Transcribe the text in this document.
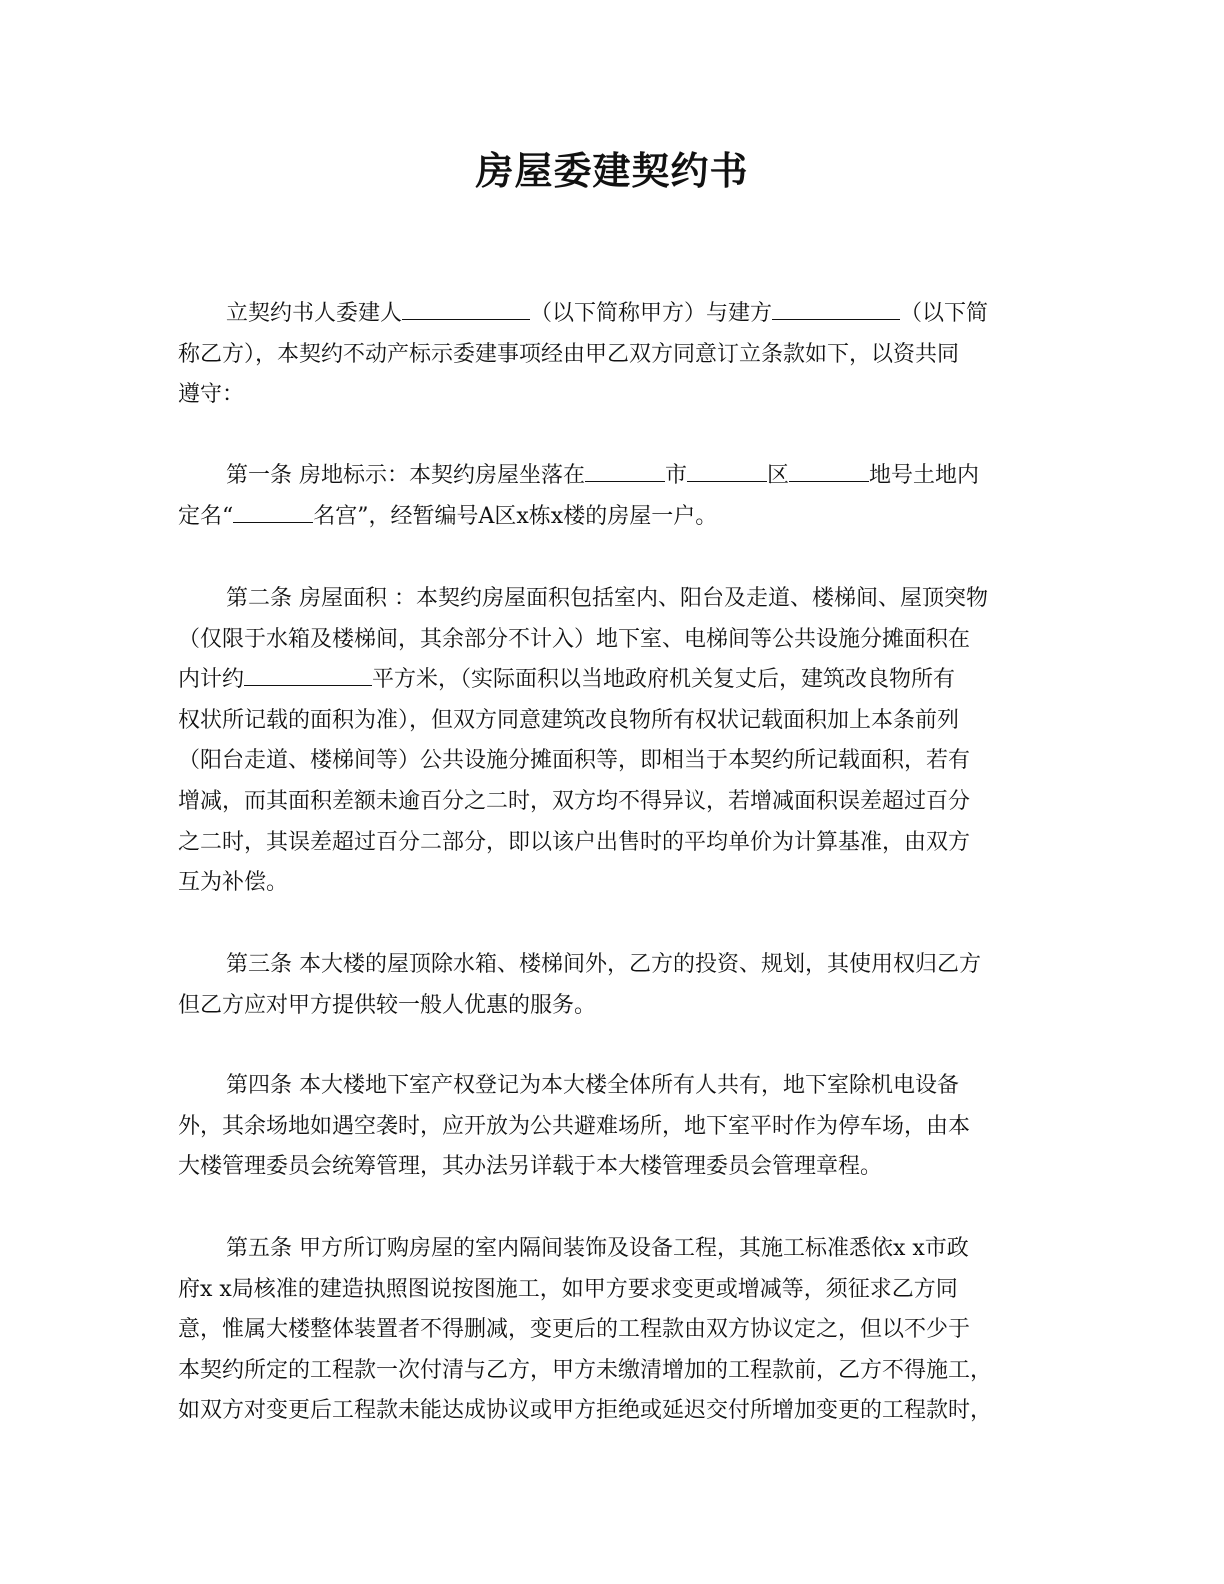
房屋委建契约书
立契约书人委建人	（以下简称甲方）与建方	（以下简
称乙方），本契约不动产标示委建事项经由甲乙双方同意订立条款如下，以资共同
遵守：
第一条 房地标示：本契约房屋坐落在	市	区	地号土地内
定名“	名宫”，经暂编号A区x栋x楼的房屋一户。
第二条 房屋面积 ：本契约房屋面积包括室内、阳台及走道、楼梯间、屋顶突物
（仅限于水箱及楼梯间，其余部分不计入）地下室、电梯间等公共设施分摊面积在
内计约	平方米，（实际面积以当地政府机关复丈后，建筑改良物所有
权状所记载的面积为准），但双方同意建筑改良物所有权状记载面积加上本条前列
（阳台走道、楼梯间等）公共设施分摊面积等，即相当于本契约所记载面积，若有
增减，而其面积差额未逾百分之二时，双方均不得异议，若增减面积误差超过百分
之二时，其误差超过百分二部分，即以该户出售时的平均单价为计算基准，由双方
互为补偿。
第三条 本大楼的屋顶除水箱、楼梯间外，乙方的投资、规划，其使用权归乙方
但乙方应对甲方提供较一般人优惠的服务。
第四条 本大楼地下室产权登记为本大楼全体所有人共有，地下室除机电设备
外，其余场地如遇空袭时，应开放为公共避难场所，地下室平时作为停车场，由本
大楼管理委员会统筹管理，其办法另详载于本大楼管理委员会管理章程。
第五条 甲方所订购房屋的室内隔间装饰及设备工程，其施工标准悉依x x市政
府x x局核准的建造执照图说按图施工，如甲方要求变更或增减等，须征求乙方同
意，惟属大楼整体装置者不得删减，变更后的工程款由双方协议定之，但以不少于
本契约所定的工程款一次付清与乙方，甲方未缴清增加的工程款前，乙方不得施工，
如双方对变更后工程款未能达成协议或甲方拒绝或延迟交付所增加变更的工程款时，
